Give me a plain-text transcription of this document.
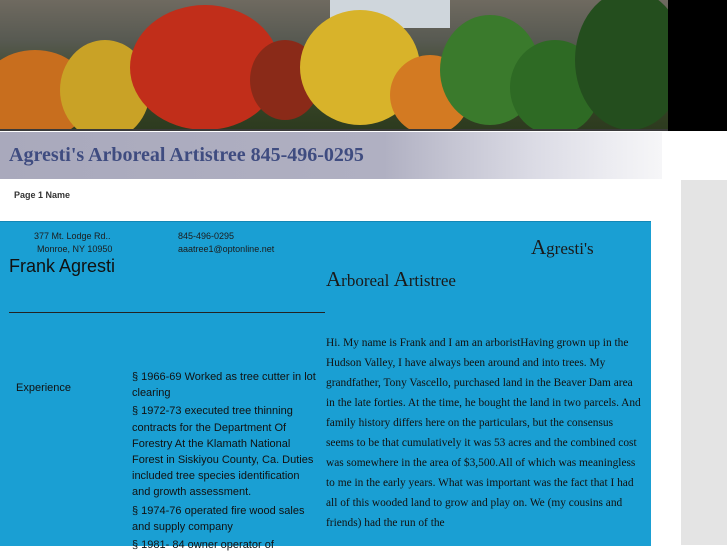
Agresti's Arboreal Artistree 845-496-0295
Page 1 Name
377 Mt. Lodge Rd..
Monroe, NY 10950
845-496-0295
aaatree1@optonline.net
Frank Agresti
Agresti's
Arboreal Artistree
Experience
§ 1966-69 Worked as tree cutter in lot clearing
§ 1972-73 executed tree thinning contracts for the Department Of Forestry At the Klamath National Forest in Siskiyou County, Ca. Duties included tree species identification and growth assessment.
§ 1974-76 operated fire wood sales and supply company
§ 1981- 84 owner operator of
Hi. My name is Frank and I am an arboristHaving grown up in the Hudson Valley, I have always been around and into trees. My grandfather, Tony Vascello, purchased land in the Beaver Dam area in the late forties. At the time, he bought the land in two parcels. And family history differs here on the particulars, but the consensus seems to be that cumulatively it was 53 acres and the combined cost was somewhere in the area of $3,500.All of which was meaningless to me in the early years. What was important was the fact that I had all of this wooded land to grow and play on. We (my cousins and friends) had the run of the
